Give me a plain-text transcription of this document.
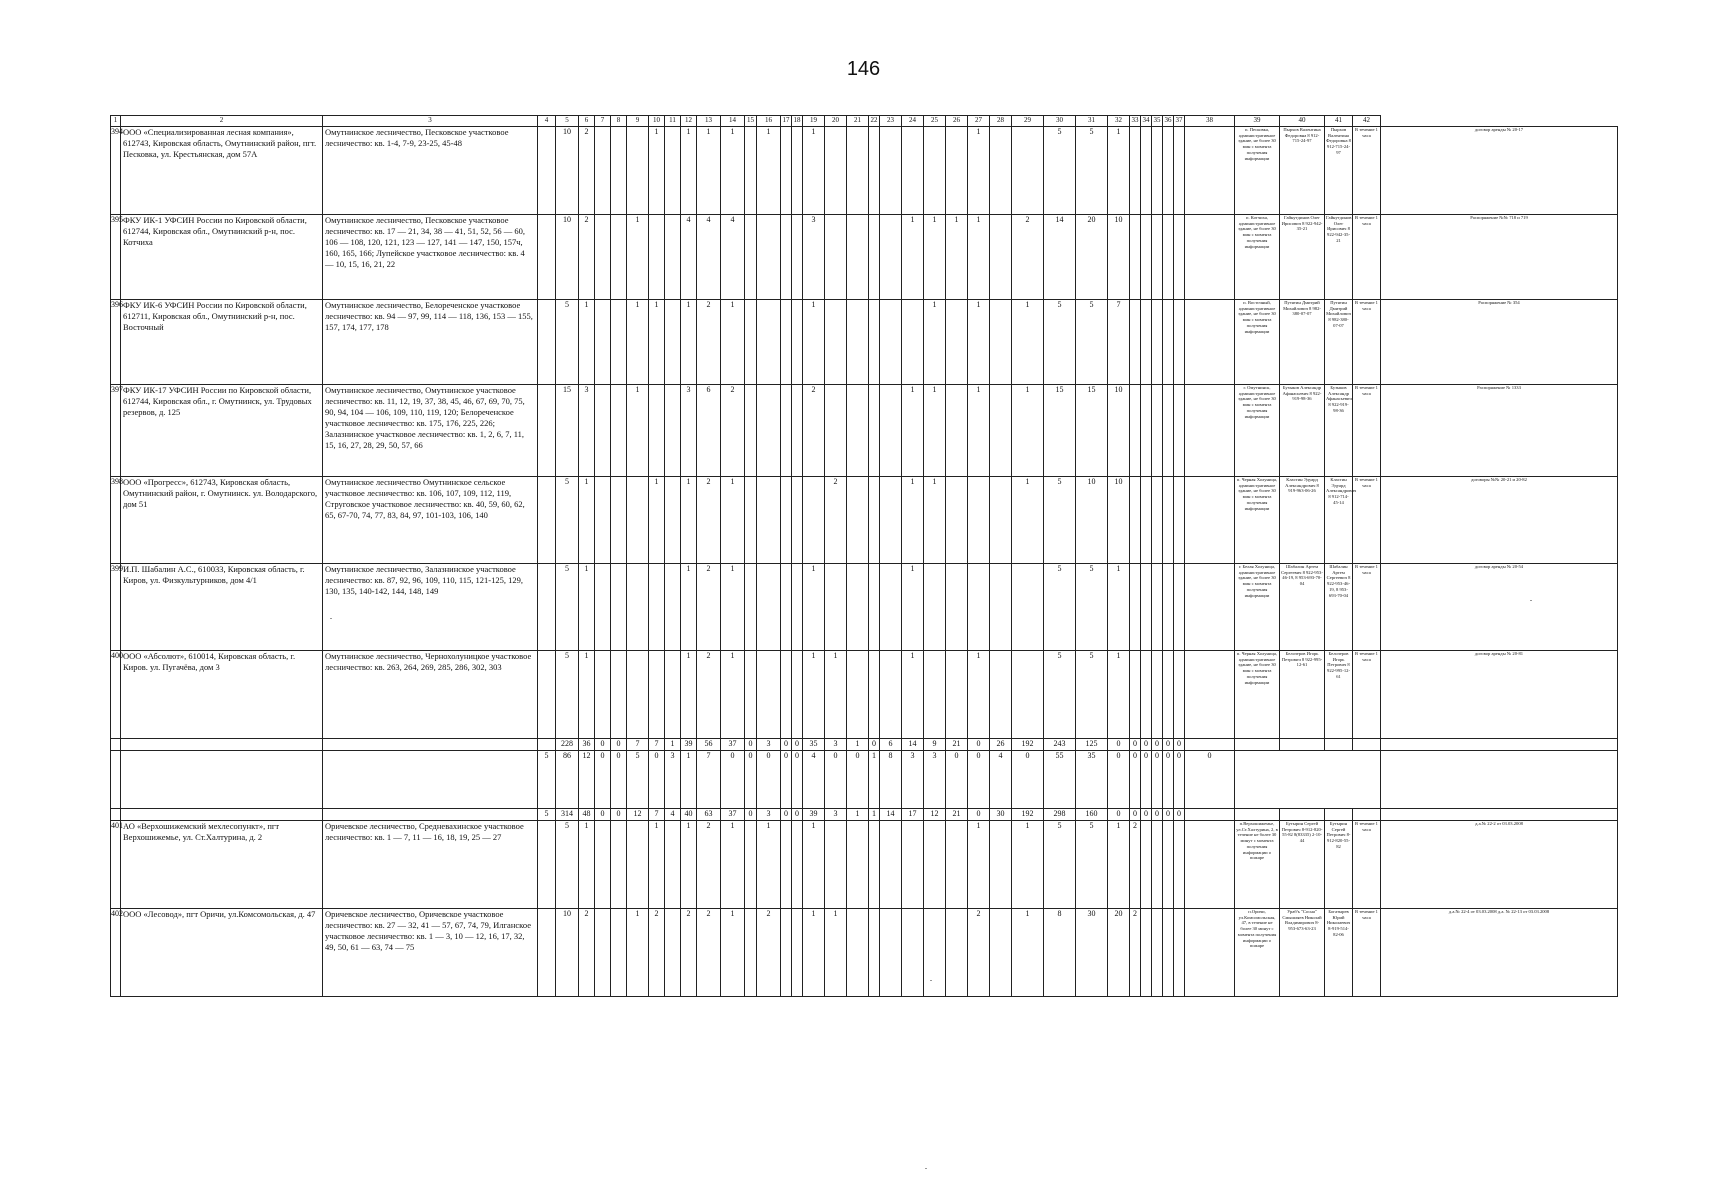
146
1	2	3	4	5	6	7	8	9	10	11	12	13	14	15	16	17	18	19	20	21	22	23	24	25	26	27	28	29	30	31	32	33	34	35	36	37	38	39	40	41	42	
394	ООО «Специализированная лесная компания», 612743, Кировская область, Омутнинский район, пгт. Песковка, ул. Крестьянская, дом 57А	Омутнинское лесничество, Песковское участковое лесничество: кв. 1-4, 7-9, 23-25, 45-48		10	2				1		1	1	1		1			1								1			5	5	1							п. Песковка, административное здание, не более 30 мин с момента получения информации	Пырхов Валентина Федоровна 8 912-715-24-97	Пырхов Валентина Федоровна 8 912-715-24-97	В течение 1 часа	договор аренды № 20-17
395	ФКУ ИК-1 УФСИН России по Кировской области, 612744, Кировская обл., Омутнинский р-н, пос. Котчиха	Омутнинское лесничество, Песковское участковое лесничество: кв. 17 — 21, 34, 38 — 41, 51, 52, 56 — 60, 106 — 108, 120, 121, 123 — 127, 141 — 147, 150, 157ч, 160, 165, 166; Лупейское участковое лесничество: кв. 4 — 10, 15, 16, 21, 22		10	2			1			4	4	4					3					1	1	1	1		2	14	20	10							п. Котчиха, административное здание, не более 30 мин с момента получения информации	Гайнутдинов Олег Ирисович 8 922-942-35-21	Гайнутдинов Олег Ирисович 8 922-942-35-21	В течение 1 часа	Распоряжение №№ 718 и 719
396	ФКУ ИК-6 УФСИН России по Кировской области, 612711, Кировская обл., Омутнинский р-н, пос. Восточный	Омутнинское лесничество, Белореченское участковое лесничество: кв. 94 — 97, 99, 114 — 118, 136, 153 — 155, 157, 174, 177, 178		5	1			1	1		1	2	1					1						1		1		1	5	5	7							п. Восточный, административное здание, не более 30 мин с момента получения информации	Путятин Дмитрий Михайлович 8 982-380-07-07	Путятин Дмитрий Михайлович 8 982-380-07-07	В течение 1 часа	Распоряжение № 354
397	ФКУ ИК-17 УФСИН России по Кировской области, 612744, Кировская обл., г. Омутнинск, ул. Трудовых резервов, д. 125	Омутнинское лесничество, Омутнинское участковое лесничество: кв. 11, 12, 19, 37, 38, 45, 46, 67, 69, 70, 75, 90, 94, 104 — 106, 109, 110, 119, 120; Белореченское участковое лесничество: кв. 175, 176, 225, 226; Залазнинское участковое лесничество: кв. 1, 2, 6, 7, 11, 15, 16, 27, 28, 29, 50, 57, 66		15	3			1			3	6	2					2					1	1		1		1	15	15	10							г. Омутнинск, административное здание, не более 30 мин с момента получения информации	Бузыков Александр Афанасьевич 8 922-919-98-36	Бузыков Александр Афанасьевич 8 922-919-98-36	В течение 1 часа	Распоряжение № 1333
398	ООО «Прогресс», 612743, Кировская область, Омутнинский район, г. Омутнинск. ул. Володарского, дом 51	Омутнинское лесничество Омутнинское сельское участковое лесничество: кв. 106, 107, 109, 112, 119, Струговское участковое лесничество: кв. 40, 59, 60, 62, 65, 67-70, 74, 77, 83, 84, 97, 101-103, 106, 140		5	1				1		1	2	1						2				1	1				1	5	10	10							п. Черная Холуница, административное здание, не более 30 мин с момента получения информации	Кластин Эдуард Александрович 8 919-963-06-26	Кластин Эдуард Александрович 8 912-714-45-14	В течение 1 часа	договоры №№ 20-21 и 20-82
399	И.П. Шабалин А.С., 610033, Кировская область, г. Киров, ул. Физкультурников, дом 4/1	Омутнинское лесничество, Залазнинское участковое лесничество: кв. 87, 92, 96, 109, 110, 115, 121-125, 129, 130, 135, 140-142, 144, 148, 149		5	1						1	2	1					1					1						5	5	1							г. Белая Холуница, административное здание, не более 30 мин с момента получения информации	Шабалин Артем Сергеевич 8 922-953-46-19, 8 953-693-70-04	Шабалин Артем Сергеевич 8 922-953-46-19, 8 953-693-70-04	В течение 1 часа	договор аренды № 20-54
400	ООО «Абсолют», 610014, Кировская область, г. Киров. ул. Пугачёва, дом 3	Омутнинское лесничество, Чернохолуницкое участковое лесничество: кв. 263, 264, 269, 285, 286, 302, 303		5	1						1	2	1					1	1				1			1			5	5	1							п. Черная Холуница, административное здание, не более 30 мин с момента получения информации	Белозеров Игорь Петрович 8 922-995-12-61	Белозеров Игорь Петрович 8 922-995-12-61	В течение 1 часа	договор аренды № 20-81
				228	36	0	0	7	7	1	39	56	37	0	3	0	0	35	3	1	0	6	14	9	21	0	26	192	243	125	0	0	0	0	0	0						
			5	86	12	0	0	5	0	3	1	7	0	0	0	0	0	4	0	0	1	8	3	3	0	0	4	0	55	35	0	0	0	0	0	0	0					
			5	314	48	0	0	12	7	4	40	63	37	0	3	0	0	39	3	1	1	14	17	12	21	0	30	192	298	160	0	0	0	0	0	0						
401	АО «Верхошижемский мехлесопункт», пгт Верхошижемье, ул. Ст.Халтурина, д. 2	Оричевское лесничество, Средневахинское участковое лесничество: кв. 1 — 7, 11 — 16, 18, 19, 25 — 27		5	1				1		1	2	1		1			1								1		1	5	5	1	2						п.Верхошижемье, ул.Ст.Халтурина, 2, в течение не более 30 минут с момента получения информации о пожаре	Бутырин Сергей Петрович 8-912-820-55-82 8(83335) 2-10-44	Бутырин Сергей Петрович 8-912-820-55-82	В течение 1 часа	д.а.№ 22-2 от 03.03.2008
402	ООО «Лесовод», пгт Оричи, ул.Комсомольская, д. 47	Оричевское лесничество, Оричевское участковое лесничество: кв. 27 — 32, 41 — 57, 67, 74, 79, Илганское участковое лесничество: кв. 1 — 3, 10 — 12, 16, 17, 32, 49, 50, 61 — 63, 74 — 75		10	2			1	2		2	2	1		2			1	1							2		1	8	30	20	2						п.Оричи, ул.Комсомольская, 47, в течение не более 30 минут с момента получения информации о пожаре	Ураб'ъ "Сосна" Смышляев Николай Владимирович 8-953-673-63-23	Богатырев Юрий Николаевич 8-919-514-82-06	В течение 1 часа	д.а.№ 22-4 от 03.03.2008 д.а. № 22-13 от 03.03.2008
